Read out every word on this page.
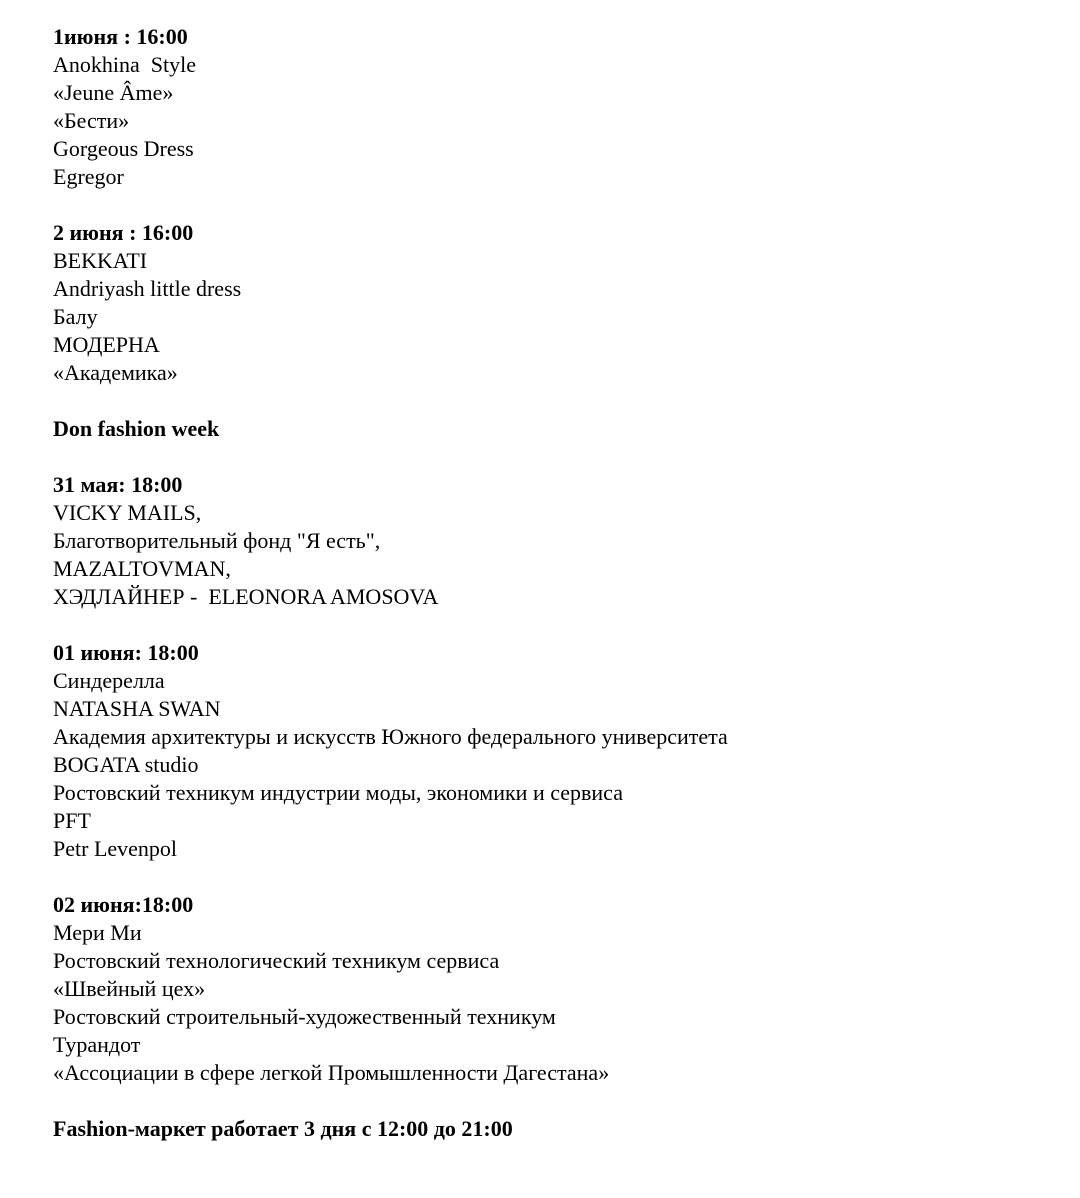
1июня : 16:00
Anokhina  Style
«Jeune Âme»
«Бести»
Gorgeous Dress
Egregor
2 июня : 16:00
BEKKATI
Andriyash little dress
Балу
МОДЕРНА
«Академика»
Don fashion week
31 мая: 18:00
VICKY MAILS,
Благотворительный фонд "Я есть",
MAZALTOVMAN,
ХЭДЛАЙНЕР -  ELEONORA AMOSOVA
01 июня: 18:00
Синдерелла
NATASHA SWAN
Академия архитектуры и искусств Южного федерального университета
BOGATA studio
Ростовский техникум индустрии моды, экономики и сервиса
PFT
Petr Levenpol
02 июня:18:00
Мери Ми
Ростовский технологический техникум сервиса
«Швейный цех»
Ростовский строительный-художественный техникум
Турандот
«Ассоциации в сфере легкой Промышленности Дагестана»
Fashion-маркет работает 3 дня с 12:00 до 21:00
